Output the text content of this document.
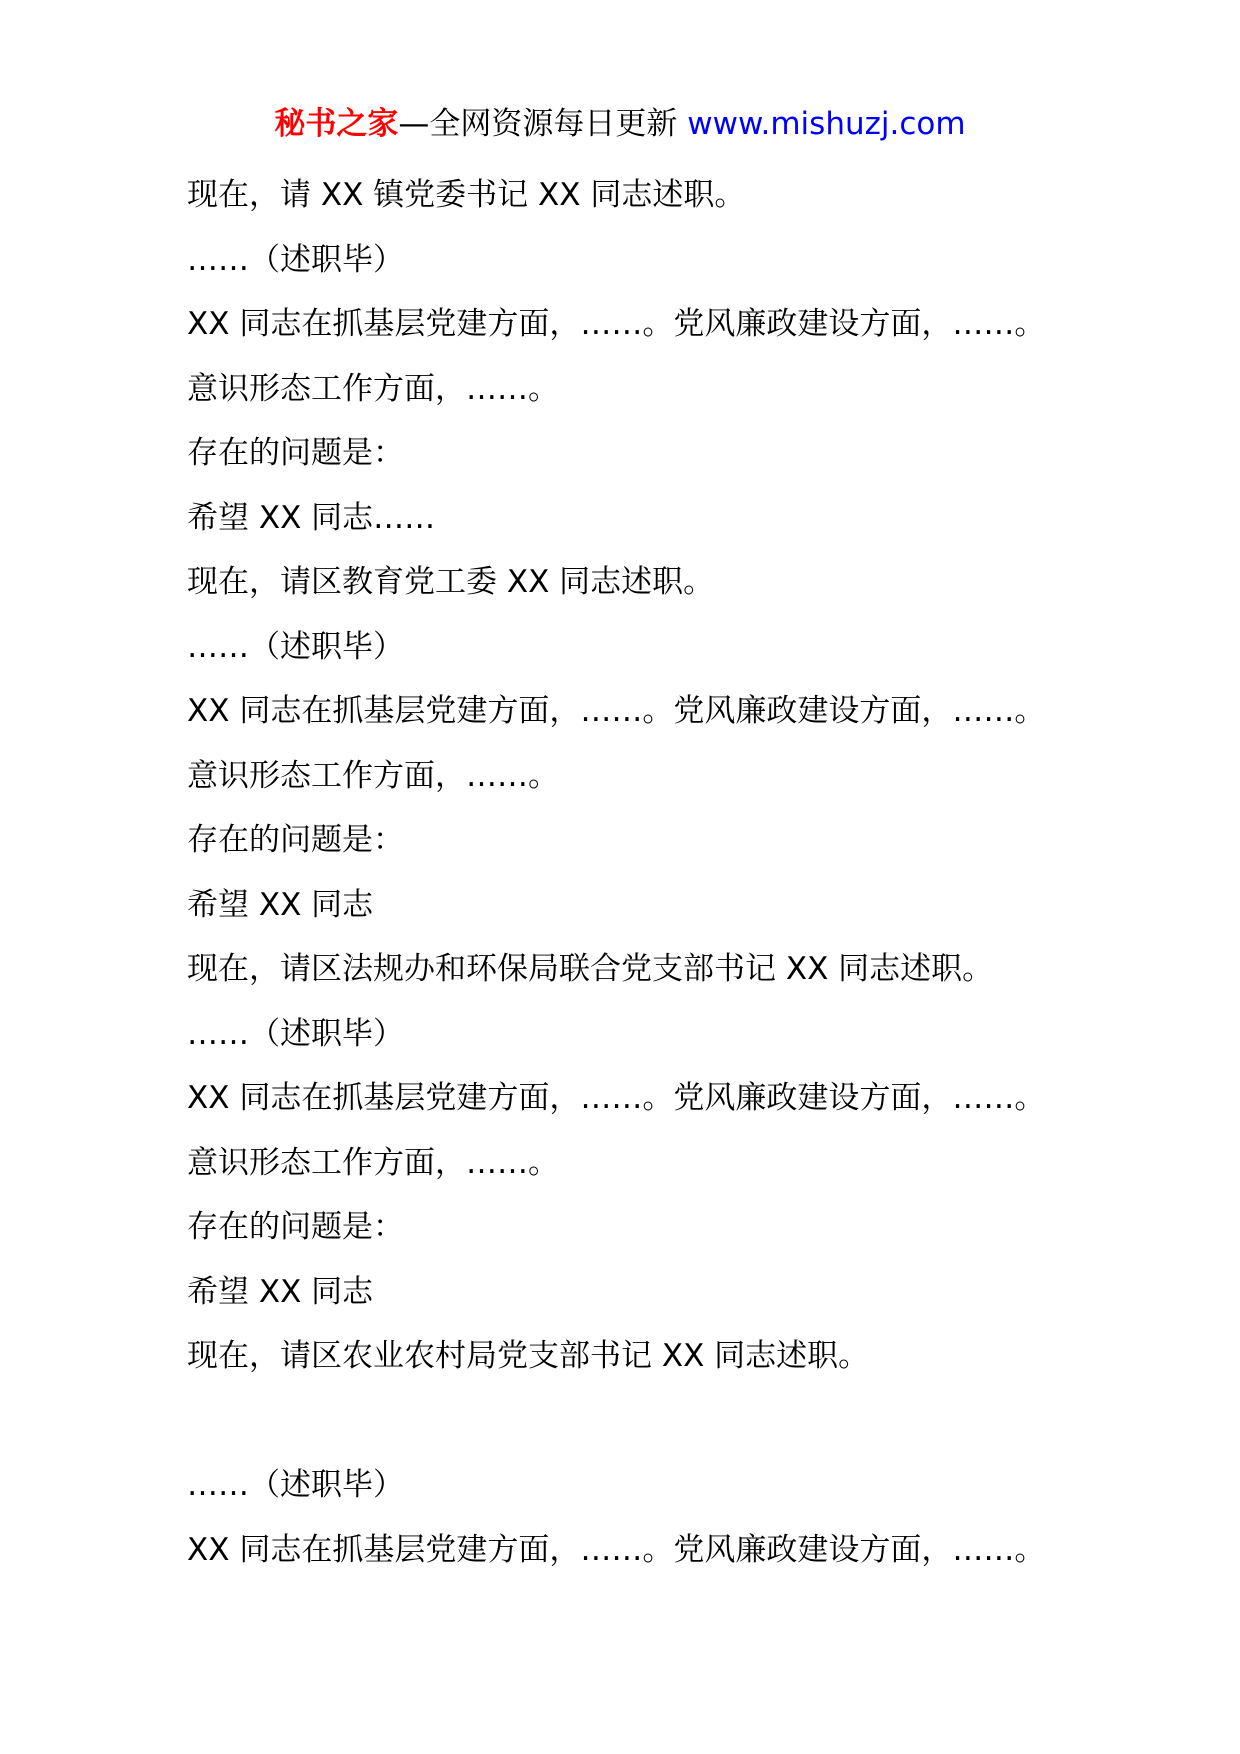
秘书之家—全网资源每日更新 www.mishuzj.com
现在，请 XX 镇党委书记 XX 同志述职。
……（述职毕）
XX 同志在抓基层党建方面，……。党风廉政建设方面，……。
意识形态工作方面，……。
存在的问题是：
希望 XX 同志……
现在，请区教育党工委 XX 同志述职。
……（述职毕）
XX 同志在抓基层党建方面，……。党风廉政建设方面，……。
意识形态工作方面，……。
存在的问题是：
希望 XX 同志
现在，请区法规办和环保局联合党支部书记 XX 同志述职。
……（述职毕）
XX 同志在抓基层党建方面，……。党风廉政建设方面，……。
意识形态工作方面，……。
存在的问题是：
希望 XX 同志
现在，请区农业农村局党支部书记 XX 同志述职。
……（述职毕）
XX 同志在抓基层党建方面，……。党风廉政建设方面，……。
